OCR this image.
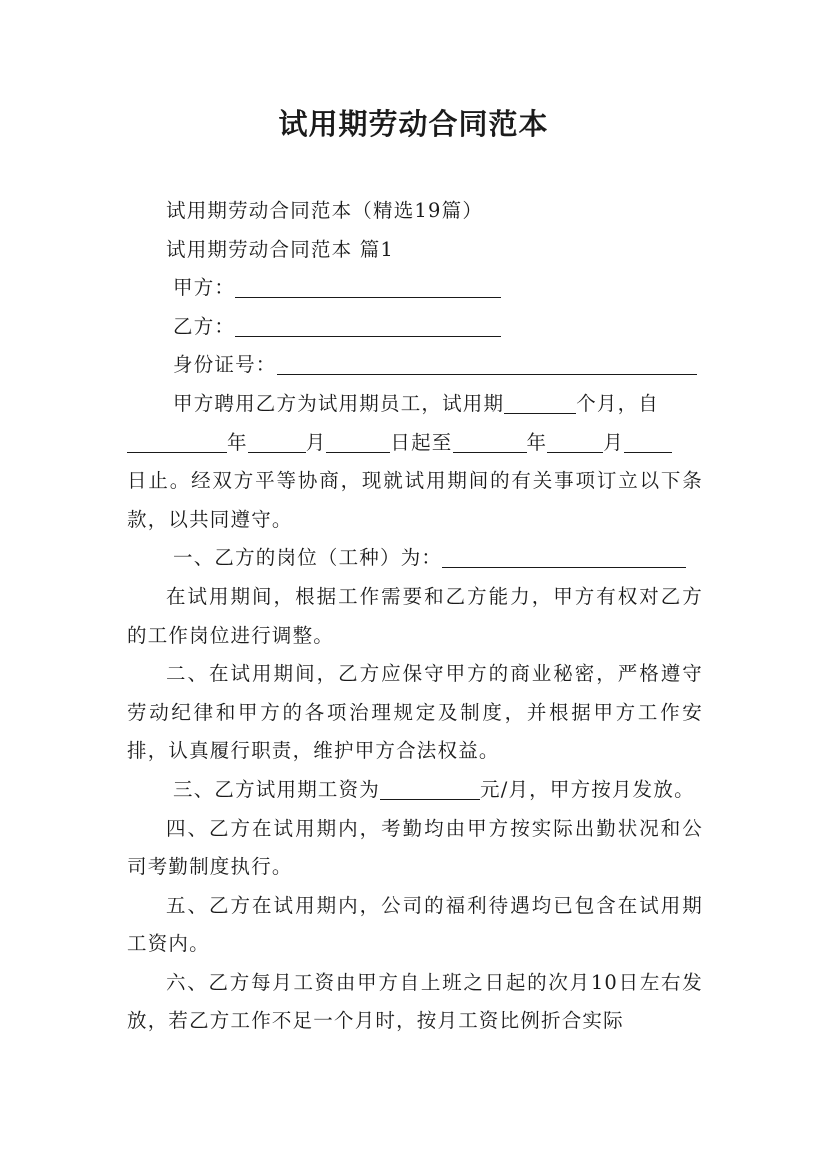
试用期劳动合同范本

试用期劳动合同范本（精选19篇）

试用期劳动合同范本 篇1

甲方：

乙方：

身份证号：

甲方聘用乙方为试用期员工，试用期	个月，自

年	月	日起至	年	月

日止。经双方平等协商，现就试用期间的有关事项订立以下条款，以共同遵守。

一、乙方的岗位（工种）为：

在试用期间，根据工作需要和乙方能力，甲方有权对乙方的工作岗位进行调整。

二、在试用期间，乙方应保守甲方的商业秘密，严格遵守劳动纪律和甲方的各项治理规定及制度，并根据甲方工作安排，认真履行职责，维护甲方合法权益。

三、乙方试用期工资为	元/月，甲方按月发放。

四、乙方在试用期内，考勤均由甲方按实际出勤状况和公司考勤制度执行。

五、乙方在试用期内，公司的福利待遇均已包含在试用期工资内。

六、乙方每月工资由甲方自上班之日起的次月10日左右发放，若乙方工作不足一个月时，按月工资比例折合实际
